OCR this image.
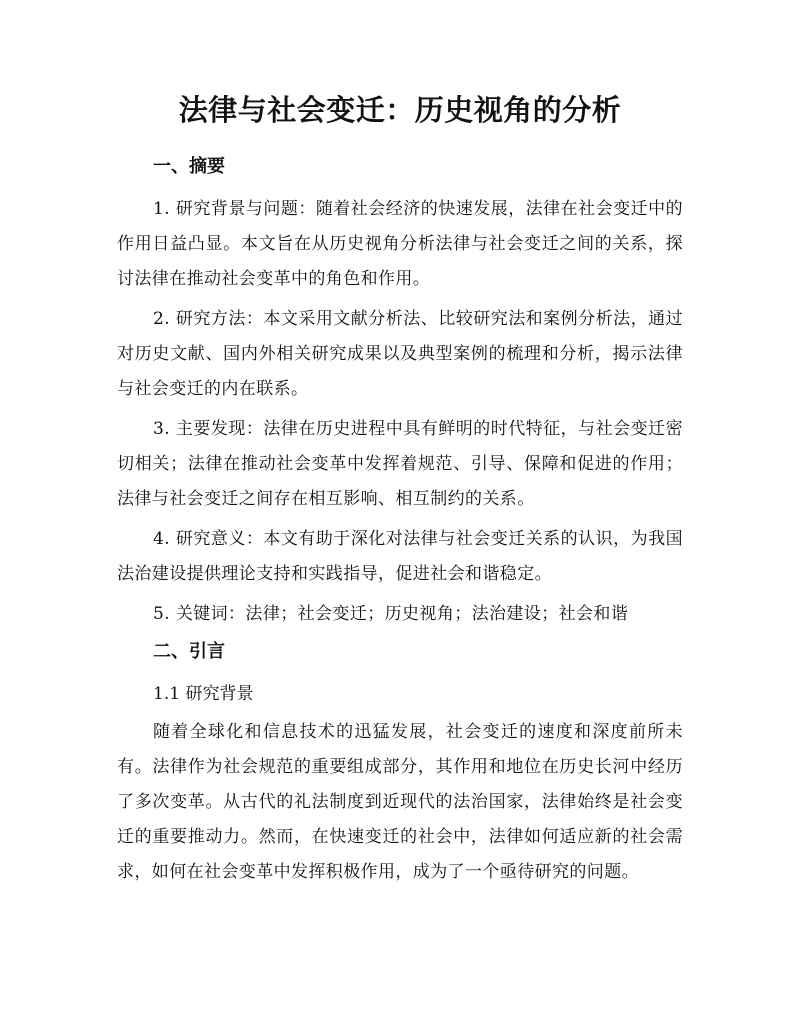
法律与社会变迁：历史视角的分析
一、摘要

1. 研究背景与问题：随着社会经济的快速发展，法律在社会变迁中的作用日益凸显。本文旨在从历史视角分析法律与社会变迁之间的关系，探讨法律在推动社会变革中的角色和作用。

2. 研究方法：本文采用文献分析法、比较研究法和案例分析法，通过对历史文献、国内外相关研究成果以及典型案例的梳理和分析，揭示法律与社会变迁的内在联系。

3. 主要发现：法律在历史进程中具有鲜明的时代特征，与社会变迁密切相关；法律在推动社会变革中发挥着规范、引导、保障和促进的作用；法律与社会变迁之间存在相互影响、相互制约的关系。

4. 研究意义：本文有助于深化对法律与社会变迁关系的认识，为我国法治建设提供理论支持和实践指导，促进社会和谐稳定。

5. 关键词：法律；社会变迁；历史视角；法治建设；社会和谐

二、引言
1.1 研究背景

随着全球化和信息技术的迅猛发展，社会变迁的速度和深度前所未有。法律作为社会规范的重要组成部分，其作用和地位在历史长河中经历了多次变革。从古代的礼法制度到近现代的法治国家，法律始终是社会变迁的重要推动力。然而，在快速变迁的社会中，法律如何适应新的社会需求，如何在社会变革中发挥积极作用，成为了一个亟待研究的问题。
